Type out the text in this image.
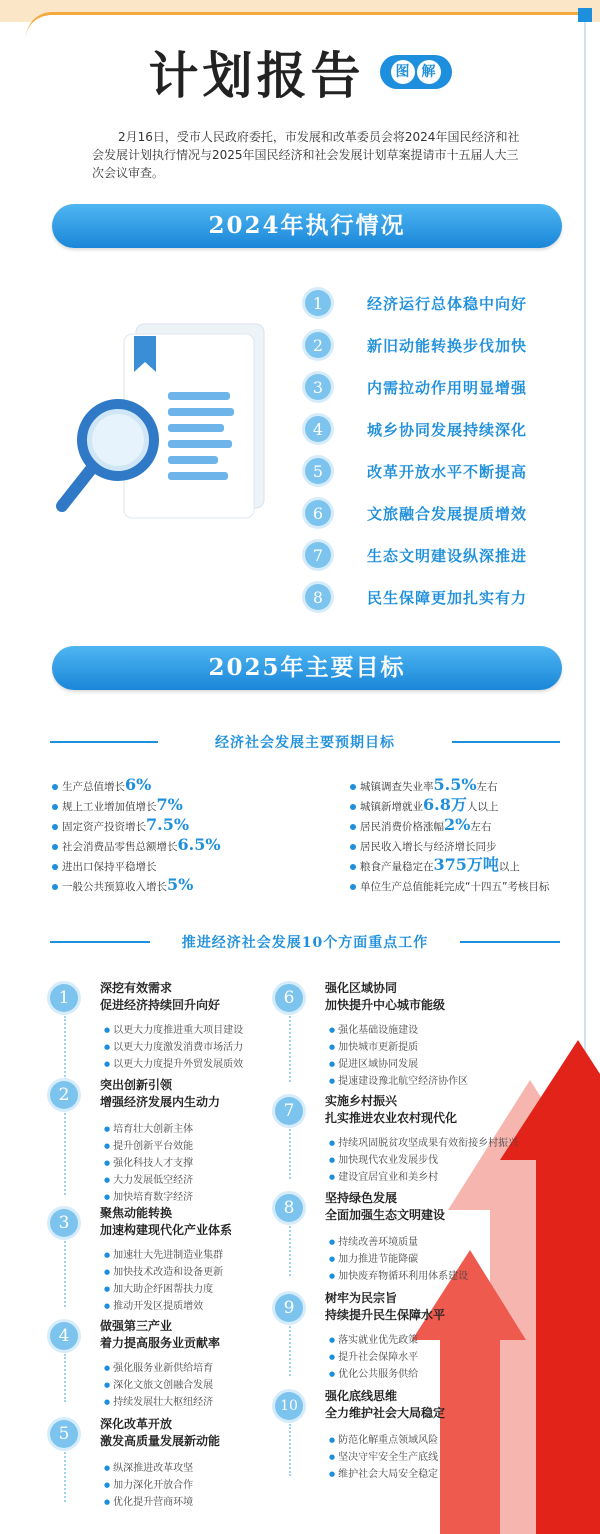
计划报告 图 解
2月16日，受市人民政府委托，市发展和改革委员会将2024年国民经济和社会发展计划执行情况与2025年国民经济和社会发展计划草案提请市十五届人大三次会议审查。
2024年执行情况
1	经济运行总体稳中向好
2	新旧动能转换步伐加快
3	内需拉动作用明显增强
4	城乡协同发展持续深化
5	改革开放水平不断提高
6	文旅融合发展提质增效
7	生态文明建设纵深推进
8	民生保障更加扎实有力
2025年主要目标
经济社会发展主要预期目标
生产总值增长6%
规上工业增加值增长7%
固定资产投资增长7.5%
社会消费品零售总额增长6.5%
进出口保持平稳增长
一般公共预算收入增长5%
城镇调查失业率5.5%左右
城镇新增就业6.8万人以上
居民消费价格涨幅2%左右
居民收入增长与经济增长同步
粮食产量稳定在375万吨以上
单位生产总值能耗完成“十四五”考核目标
推进经济社会发展10个方面重点工作
1	深挖有效需求
促进经济持续回升向好
● 以更大力度推进重大项目建设
● 以更大力度激发消费市场活力
● 以更大力度提升外贸发展质效
2	突出创新引领
增强经济发展内生动力
● 培育壮大创新主体
● 提升创新平台效能
● 强化科技人才支撑
● 大力发展低空经济
● 加快培育数字经济
3	聚焦动能转换
加速构建现代化产业体系
● 加速壮大先进制造业集群
● 加快技术改造和设备更新
● 加大助企纾困帮扶力度
● 推动开发区提质增效
4	做强第三产业
着力提高服务业贡献率
● 强化服务业新供给培育
● 深化文旅文创融合发展
● 持续发展壮大枢纽经济
5	深化改革开放
激发高质量发展新动能
● 纵深推进改革攻坚
● 加力深化开放合作
● 优化提升营商环境
6	强化区域协同
加快提升中心城市能级
● 强化基础设施建设
● 加快城市更新提质
● 促进区域协同发展
● 提速建设豫北航空经济协作区
7	实施乡村振兴
扎实推进农业农村现代化
● 持续巩固脱贫攻坚成果有效衔接乡村振兴
● 加快现代农业发展步伐
● 建设宜居宜业和美乡村
8	坚持绿色发展
全面加强生态文明建设
● 持续改善环境质量
● 加力推进节能降碳
● 加快废弃物循环利用体系建设
9	树牢为民宗旨
持续提升民生保障水平
● 落实就业优先政策
● 提升社会保障水平
● 优化公共服务供给
10
强化底线思维
全力维护社会大局稳定
● 防范化解重点领域风险
● 坚决守牢安全生产底线
● 维护社会大局安全稳定
